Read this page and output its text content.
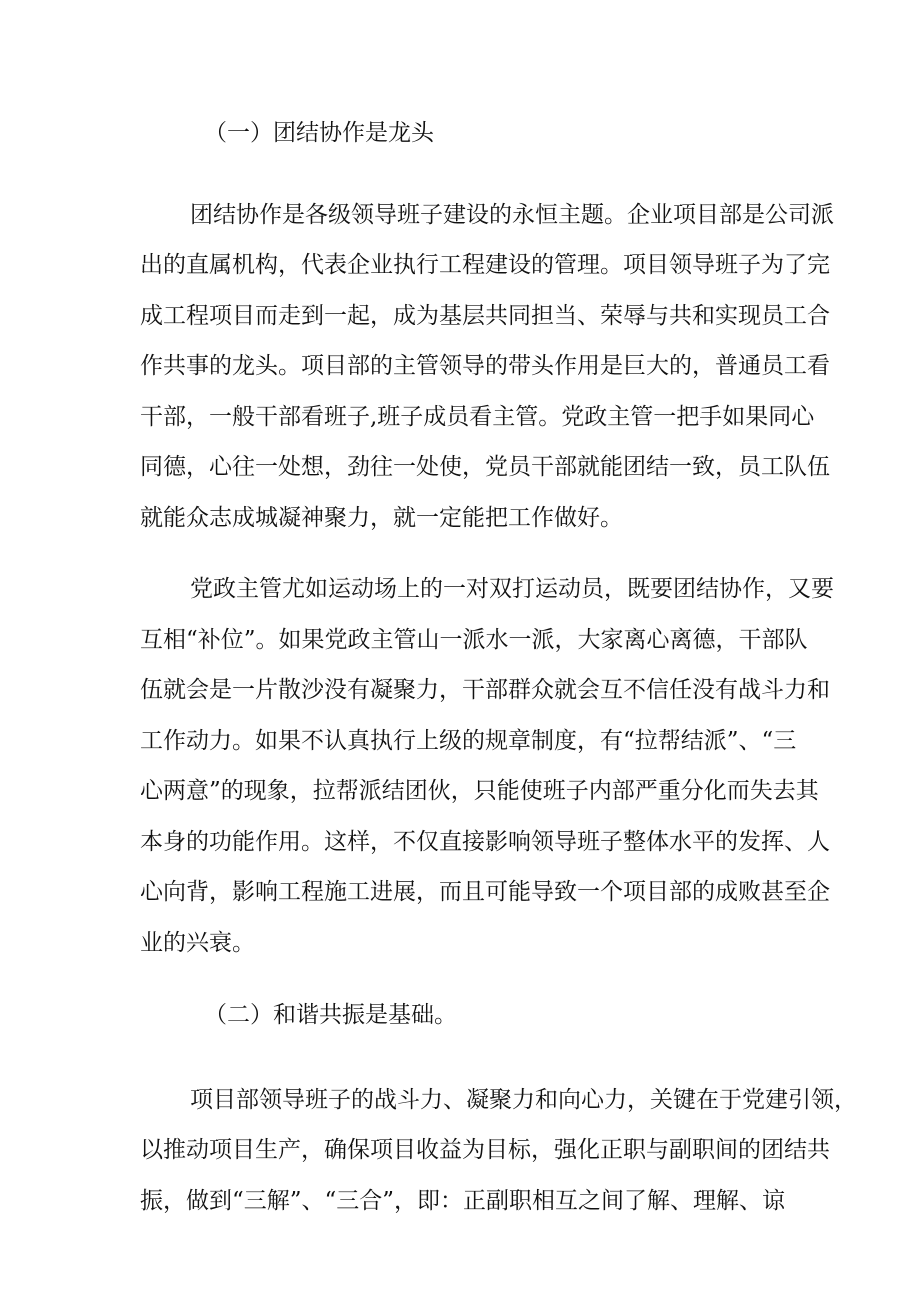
（一）团结协作是龙头
团结协作是各级领导班子建设的永恒主题。企业项目部是公司派
出的直属机构，代表企业执行工程建设的管理。项目领导班子为了完
成工程项目而走到一起，成为基层共同担当、荣辱与共和实现员工合
作共事的龙头。项目部的主管领导的带头作用是巨大的，普通员工看
干部，一般干部看班子,班子成员看主管。党政主管一把手如果同心
同德，心往一处想，劲往一处使，党员干部就能团结一致，员工队伍
就能众志成城凝神聚力，就一定能把工作做好。
党政主管尤如运动场上的一对双打运动员，既要团结协作，又要
互相“补位”。如果党政主管山一派水一派，大家离心离德，干部队
伍就会是一片散沙没有凝聚力，干部群众就会互不信任没有战斗力和
工作动力。如果不认真执行上级的规章制度，有“拉帮结派”、“三
心两意”的现象，拉帮派结团伙，只能使班子内部严重分化而失去其
本身的功能作用。这样，不仅直接影响领导班子整体水平的发挥、人
心向背，影响工程施工进展，而且可能导致一个项目部的成败甚至企
业的兴衰。
（二）和谐共振是基础。
项目部领导班子的战斗力、凝聚力和向心力，关键在于党建引领，
以推动项目生产，确保项目收益为目标，强化正职与副职间的团结共
振，做到“三解”、“三合”，即：正副职相互之间了解、理解、谅
